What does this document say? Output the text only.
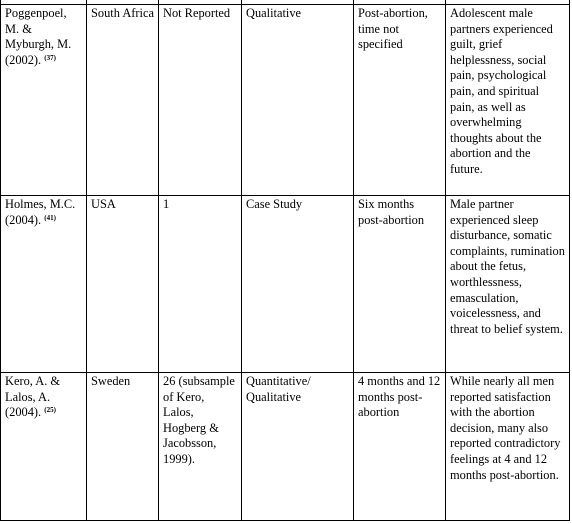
Poggenpoel, M. & Myburgh, M. (2002). $^{(37)}$	South Africa	Not Reported	Qualitative	Post-abortion, time not specified	Adolescent male partners experienced guilt, grief helplessness, social pain, psychological pain, and spiritual pain, as well as overwhelming thoughts about the abortion and the future.

Holmes, M.C. (2004). $^{(41)}$	USA	1	Case Study	Six months post-abortion	Male partner experienced sleep disturbance, somatic complaints, rumination about the fetus, worthlessness, emasculation, voicelessness, and threat to belief system.

Kero, A. & Lalos, A. (2004). $^{(25)}$	Sweden	26 (subsample of Kero, Lalos, Hogberg & Jacobsson, 1999).	Quantitative/ Qualitative	4 months and 12 months post-abortion	While nearly all men reported satisfaction with the abortion decision, many also reported contradictory feelings at 4 and 12 months post-abortion.
